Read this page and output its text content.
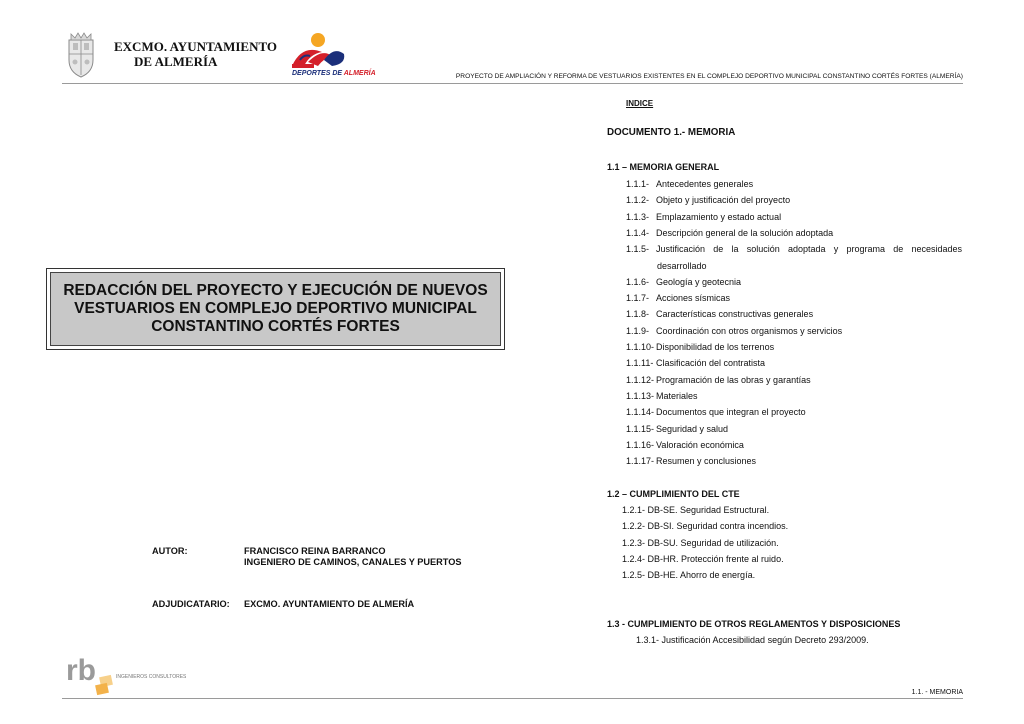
EXCMO. AYUNTAMIENTO
DE ALMERÍA
DEPORTES DE ALMERÍA	PROYECTO DE AMPLIACIÓN Y REFORMA DE VESTUARIOS EXISTENTES EN EL COMPLEJO DEPORTIVO MUNICIPAL CONSTANTINO CORTÉS FORTES (ALMERÍA)
REDACCIÓN DEL PROYECTO Y EJECUCIÓN DE NUEVOS
VESTUARIOS EN COMPLEJO DEPORTIVO MUNICIPAL
CONSTANTINO CORTÉS FORTES
AUTOR:	FRANCISCO REINA BARRANCO
INGENIERO DE CAMINOS, CANALES Y PUERTOS
ADJUDICATARIO: EXCMO. AYUNTAMIENTO DE ALMERÍA
INDICE
DOCUMENTO 1.- MEMORIA
1.1 – MEMORIA GENERAL
1.1.1- Antecedentes generales
1.1.2- Objeto y justificación del proyecto
1.1.3- Emplazamiento y estado actual
1.1.4- Descripción general de la solución adoptada
1.1.5- Justificación de la solución adoptada y programa de necesidades
desarrollado
1.1.6- Geología y geotecnia
1.1.7- Acciones sísmicas
1.1.8- Características constructivas generales
1.1.9- Coordinación con otros organismos y servicios
1.1.10- Disponibilidad de los terrenos
1.1.11- Clasificación del contratista
1.1.12- Programación de las obras y garantías
1.1.13- Materiales
1.1.14- Documentos que integran el proyecto
1.1.15- Seguridad y salud
1.1.16- Valoración económica
1.1.17- Resumen y conclusiones
1.2 – CUMPLIMIENTO DEL CTE
1.2.1- DB-SE. Seguridad Estructural.
1.2.2- DB-SI. Seguridad contra incendios.
1.2.3- DB-SU. Seguridad de utilización.
1.2.4- DB-HR. Protección frente al ruido.
1.2.5- DB-HE. Ahorro de energía.
1.3 - CUMPLIMIENTO DE OTROS REGLAMENTOS Y DISPOSICIONES
1.3.1- Justificación Accesibilidad según Decreto 293/2009.
rb	INGENIEROS CONSULTORES
1.1. - MEMORIA
